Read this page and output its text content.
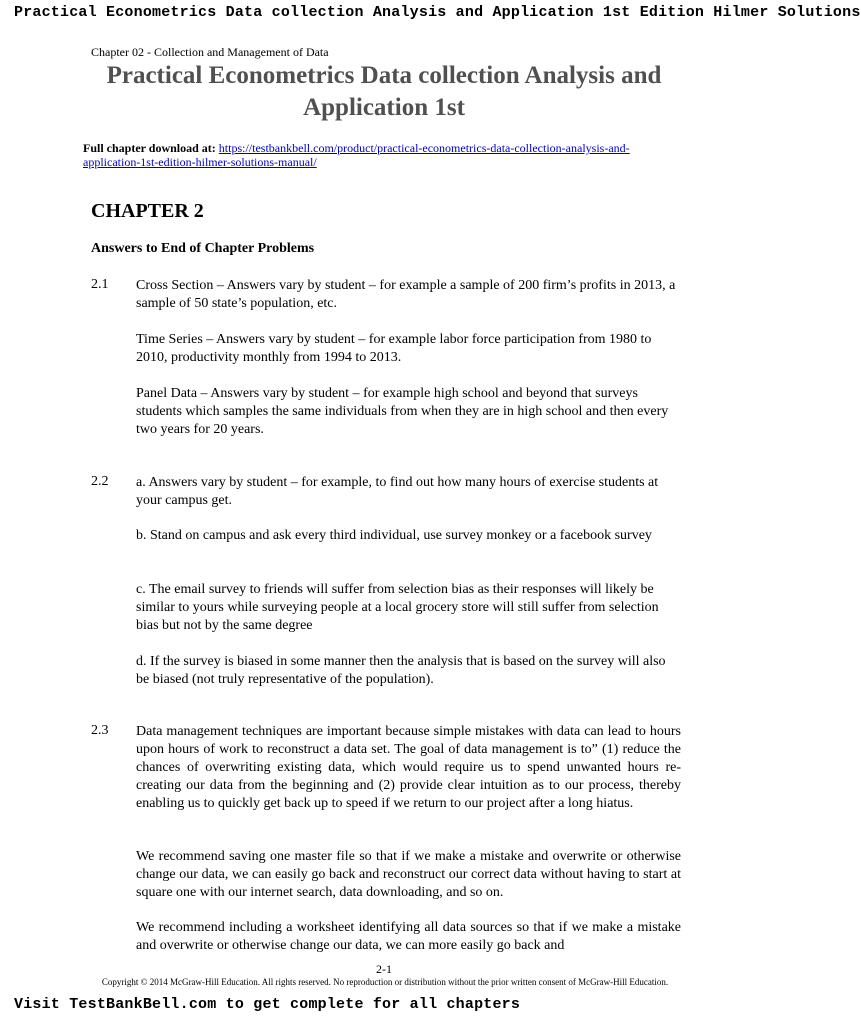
Practical Econometrics Data collection Analysis and Application 1st Edition Hilmer Solutions
Chapter 02 - Collection and Management of Data
Practical Econometrics Data collection Analysis and
Application 1st
Full chapter download at: https://testbankbell.com/product/practical-econometrics-data-collection-analysis-and-application-1st-edition-hilmer-solutions-manual/
CHAPTER 2
Answers to End of Chapter Problems
2.1 Cross Section – Answers vary by student – for example a sample of 200 firm’s profits in 2013, a sample of 50 state’s population, etc.
Time Series – Answers vary by student – for example labor force participation from 1980 to 2010, productivity monthly from 1994 to 2013.
Panel Data – Answers vary by student – for example high school and beyond that surveys students which samples the same individuals from when they are in high school and then every two years for 20 years.
2.2 a. Answers vary by student – for example, to find out how many hours of exercise students at your campus get.
b. Stand on campus and ask every third individual, use survey monkey or a facebook survey
c. The email survey to friends will suffer from selection bias as their responses will likely be similar to yours while surveying people at a local grocery store will still suffer from selection bias but not by the same degree
d. If the survey is biased in some manner then the analysis that is based on the survey will also be biased (not truly representative of the population).
2.3 Data management techniques are important because simple mistakes with data can lead to hours upon hours of work to reconstruct a data set. The goal of data management is to” (1) reduce the chances of overwriting existing data, which would require us to spend unwanted hours re-creating our data from the beginning and (2) provide clear intuition as to our process, thereby enabling us to quickly get back up to speed if we return to our project after a long hiatus.
We recommend saving one master file so that if we make a mistake and overwrite or otherwise change our data, we can easily go back and reconstruct our correct data without having to start at square one with our internet search, data downloading, and so on.
We recommend including a worksheet identifying all data sources so that if we make a mistake and overwrite or otherwise change our data, we can more easily go back and
2-1
Copyright © 2014 McGraw-Hill Education. All rights reserved. No reproduction or distribution without the prior written consent of McGraw-Hill Education.
Visit TestBankBell.com to get complete for all chapters
